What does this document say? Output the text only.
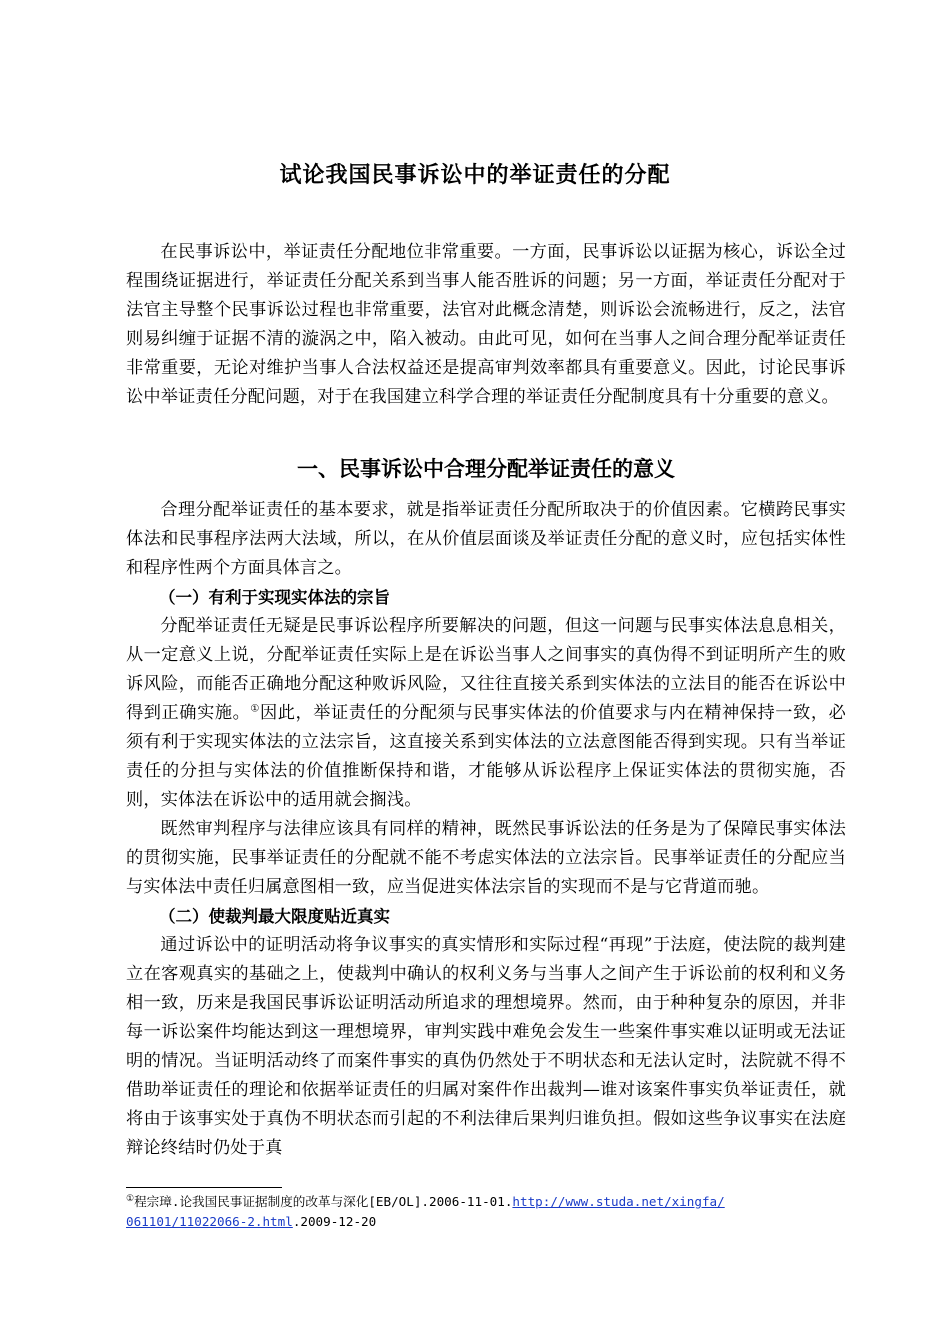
试论我国民事诉讼中的举证责任的分配

在民事诉讼中，举证责任分配地位非常重要。一方面，民事诉讼以证据为核心，诉讼全过程围绕证据进行，举证责任分配关系到当事人能否胜诉的问题；另一方面，举证责任分配对于法官主导整个民事诉讼过程也非常重要，法官对此概念清楚，则诉讼会流畅进行，反之，法官则易纠缠于证据不清的漩涡之中，陷入被动。由此可见，如何在当事人之间合理分配举证责任非常重要，无论对维护当事人合法权益还是提高审判效率都具有重要意义。因此，讨论民事诉讼中举证责任分配问题，对于在我国建立科学合理的举证责任分配制度具有十分重要的意义。

一、民事诉讼中合理分配举证责任的意义

合理分配举证责任的基本要求，就是指举证责任分配所取决于的价值因素。它横跨民事实体法和民事程序法两大法域，所以，在从价值层面谈及举证责任分配的意义时，应包括实体性和程序性两个方面具体言之。

（一）有利于实现实体法的宗旨

分配举证责任无疑是民事诉讼程序所要解决的问题，但这一问题与民事实体法息息相关，从一定意义上说，分配举证责任实际上是在诉讼当事人之间事实的真伪得不到证明所产生的败诉风险，而能否正确地分配这种败诉风险，又往往直接关系到实体法的立法目的能否在诉讼中得到正确实施。①因此，举证责任的分配须与民事实体法的价值要求与内在精神保持一致，必须有利于实现实体法的立法宗旨，这直接关系到实体法的立法意图能否得到实现。只有当举证责任的分担与实体法的价值推断保持和谐，才能够从诉讼程序上保证实体法的贯彻实施，否则，实体法在诉讼中的适用就会搁浅。

既然审判程序与法律应该具有同样的精神，既然民事诉讼法的任务是为了保障民事实体法的贯彻实施，民事举证责任的分配就不能不考虑实体法的立法宗旨。民事举证责任的分配应当与实体法中责任归属意图相一致，应当促进实体法宗旨的实现而不是与它背道而驰。

（二）使裁判最大限度贴近真实

通过诉讼中的证明活动将争议事实的真实情形和实际过程“再现”于法庭，使法院的裁判建立在客观真实的基础之上，使裁判中确认的权利义务与当事人之间产生于诉讼前的权利和义务相一致，历来是我国民事诉讼证明活动所追求的理想境界。然而，由于种种复杂的原因，并非每一诉讼案件均能达到这一理想境界，审判实践中难免会发生一些案件事实难以证明或无法证明的情况。当证明活动终了而案件事实的真伪仍然处于不明状态和无法认定时，法院就不得不借助举证责任的理论和依据举证责任的归属对案件作出裁判—谁对该案件事实负举证责任，就将由于该事实处于真伪不明状态而引起的不利法律后果判归谁负担。假如这些争议事实在法庭辩论终结时仍处于真

①程宗璋.论我国民事证据制度的改革与深化[EB/OL].2006-11-01.http://www.studa.net/xingfa/
061101/11022066-2.html.2009-12-20
